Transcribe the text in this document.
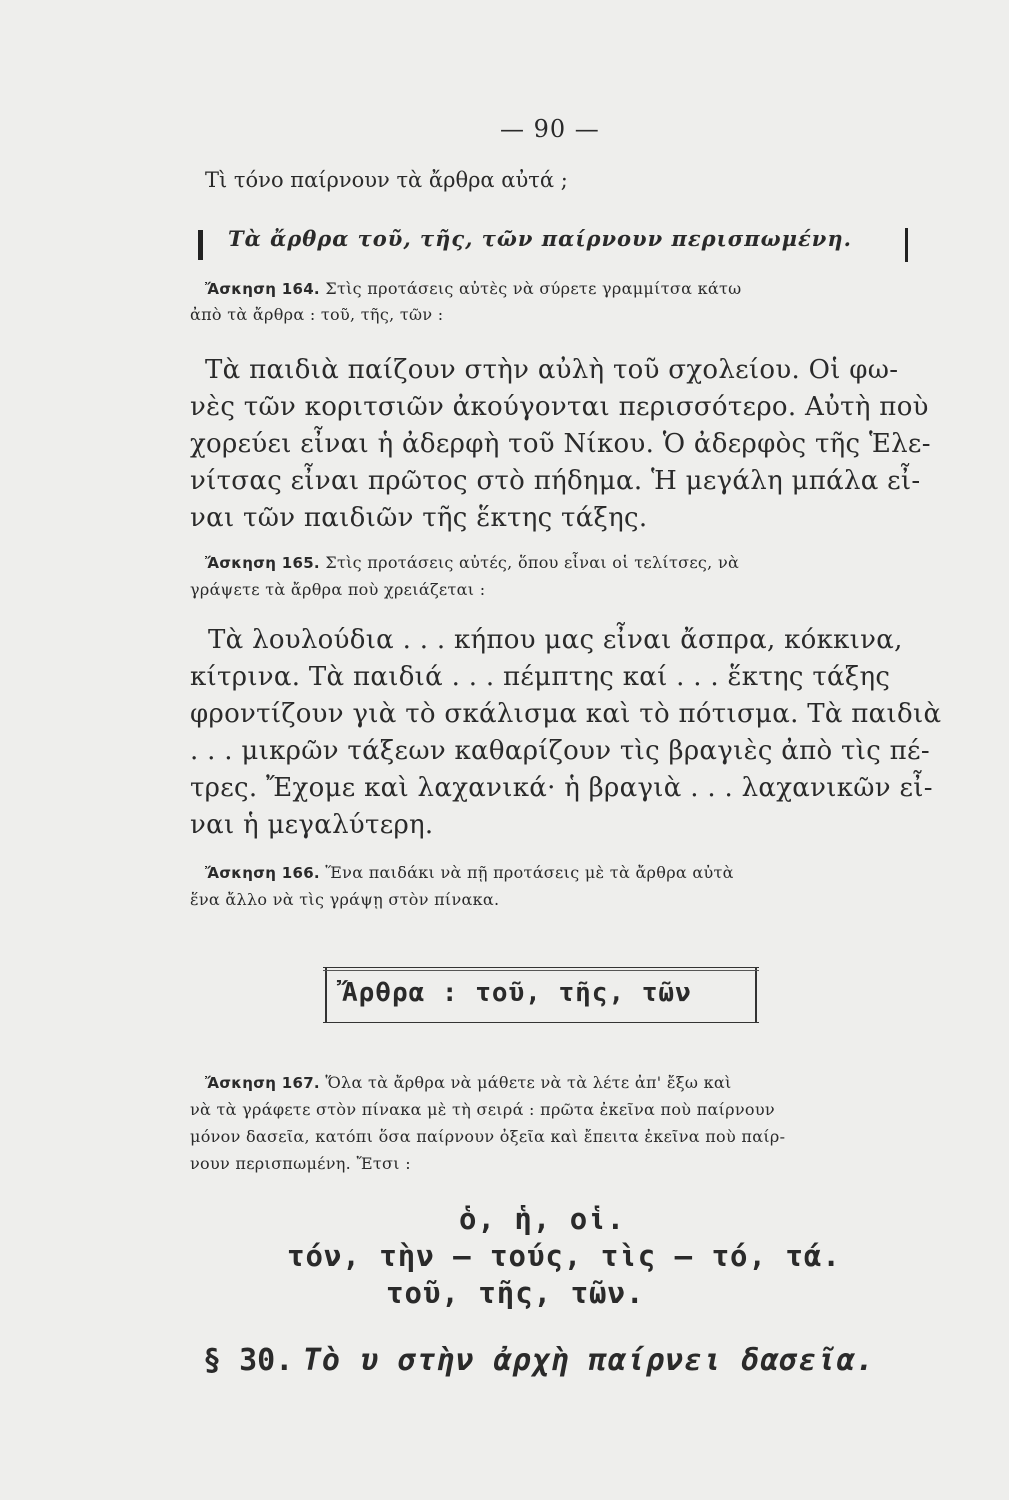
— 90 —
Τὶ τόνο παίρνουν τὰ ἄρθρα αὐτά ;
Τὰ ἄρθρα τοῦ, τῆς, τῶν παίρνουν περισπωμένη.
Ἄσκηση 164. Στὶς προτάσεις αὐτὲς νὰ σύρετε γραμμίτσα κάτω
ἀπὸ τὰ ἄρθρα : τοῦ, τῆς, τῶν :
Τὰ παιδιὰ παίζουν στὴν αὐλὴ τοῦ σχολείου. Οἱ φω-
νὲς τῶν κοριτσιῶν ἀκούγονται περισσότερο. Αὐτὴ ποὺ
χορεύει εἶναι ἡ ἀδερφὴ τοῦ Νίκου. Ὁ ἀδερφὸς τῆς Ἑλε-
νίτσας εἶναι πρῶτος στὸ πήδημα. Ἡ μεγάλη μπάλα εἶ-
ναι τῶν παιδιῶν τῆς ἕκτης τάξης.
Ἄσκηση 165. Στὶς προτάσεις αὐτές, ὅπου εἶναι οἱ τελίτσες, νὰ
γράψετε τὰ ἄρθρα ποὺ χρειάζεται :
Τὰ λουλούδια . . . κήπου μας εἶναι ἄσπρα, κόκκινα,
κίτρινα. Τὰ παιδιά . . . πέμπτης καί . . . ἕκτης τάξης
φροντίζουν γιὰ τὸ σκάλισμα καὶ τὸ πότισμα. Τὰ παιδιὰ
. . . μικρῶν τάξεων καθαρίζουν τὶς βραγιὲς ἀπὸ τὶς πέ-
τρες. Ἔχομε καὶ λαχανικά· ἡ βραγιὰ . . . λαχανικῶν εἶ-
ναι ἡ μεγαλύτερη.
Ἄσκηση 166. Ἕνα παιδάκι νὰ πῇ προτάσεις μὲ τὰ ἄρθρα αὐτὰ
ἕνα ἄλλο νὰ τὶς γράψῃ στὸν πίνακα.
Ἄρθρα : τοῦ, τῆς, τῶν
Ἄσκηση 167. Ὅλα τὰ ἄρθρα νὰ μάθετε νὰ τὰ λέτε ἀπ' ἔξω καὶ
νὰ τὰ γράφετε στὸν πίνακα μὲ τὴ σειρά : πρῶτα ἐκεῖνα ποὺ παίρνουν
μόνον δασεῖα, κατόπι ὅσα παίρνουν ὀξεῖα καὶ ἔπειτα ἐκεῖνα ποὺ παίρ-
νουν περισπωμένη. Ἔτσι :
ὁ, ἡ, οἱ.
τόν, τὴν — τούς, τὶς — τό, τά.
τοῦ, τῆς, τῶν.
§ 30. Τὸ υ στὴν ἀρχὴ παίρνει δασεῖα.
